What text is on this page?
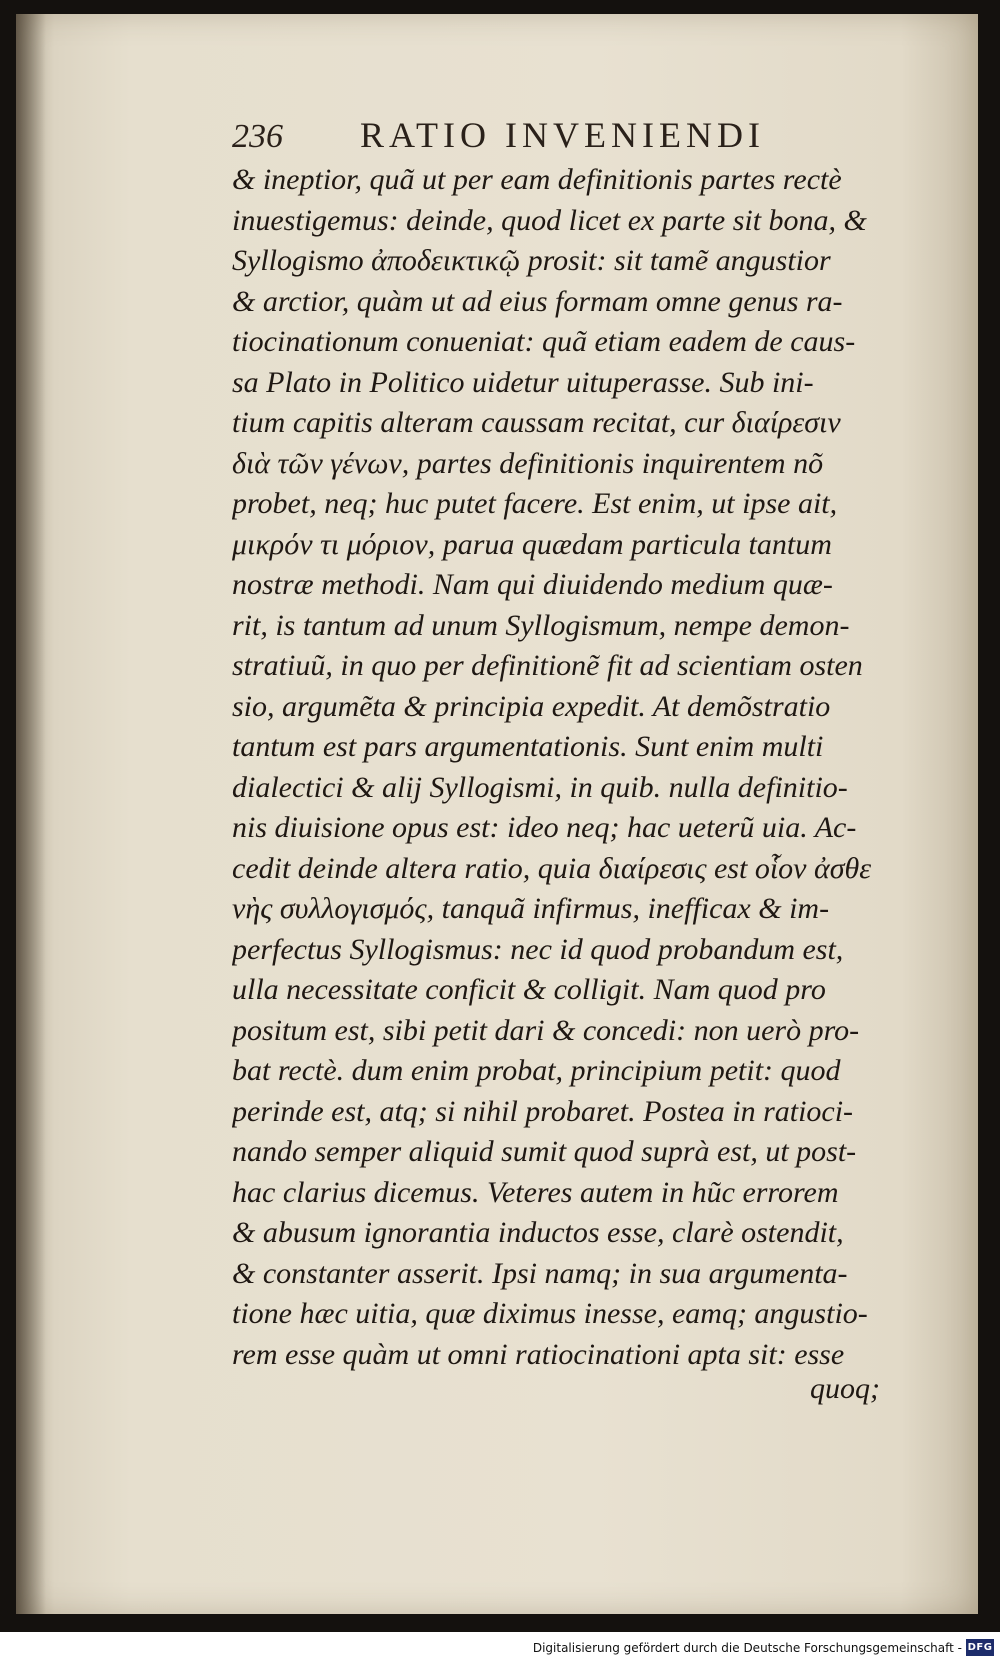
236 RATIO INVENIENDI
& ineptior, quã ut per eam definitionis partes rectè
inuestigemus: deinde, quod licet ex parte sit bona, &
Syllogismo ἀποδεικτικῷ prosit: sit tamẽ angustior
& arctior, quàm ut ad eius formam omne genus ra-
tiocinationum conueniat: quã etiam eadem de caus-
sa Plato in Politico uidetur uituperasse. Sub ini-
tium capitis alteram caussam recitat, cur διαίρεσιν
διὰ τῶν γένων, partes definitionis inquirentem nõ
probet, neq; huc putet facere. Est enim, ut ipse ait,
μικρόν τι μόριον, parua quædam particula tantum
nostræ methodi. Nam qui diuidendo medium quæ-
rit, is tantum ad unum Syllogismum, nempe demon-
stratiuũ, in quo per definitionẽ fit ad scientiam osten
sio, argumẽta & principia expedit. At demõstratio
tantum est pars argumentationis. Sunt enim multi
dialectici & alij Syllogismi, in quib. nulla definitio-
nis diuisione opus est: ideo neq; hac ueterũ uia. Ac-
cedit deinde altera ratio, quia διαίρεσις est οἷον ἀσθε
νὴς συλλογισμός, tanquã infirmus, inefficax & im-
perfectus Syllogismus: nec id quod probandum est,
ulla necessitate conficit & colligit. Nam quod pro
positum est, sibi petit dari & concedi: non uerò pro-
bat rectè. dum enim probat, principium petit: quod
perinde est, atq; si nihil probaret. Postea in ratioci-
nando semper aliquid sumit quod suprà est, ut post-
hac clarius dicemus. Veteres autem in hũc errorem
& abusum ignorantia inductos esse, clarè ostendit,
& constanter asserit. Ipsi namq; in sua argumenta-
tione hæc uitia, quæ diximus inesse, eamq; angustio-
rem esse quàm ut omni ratiocinationi apta sit: esse
quoq;
Digitalisierung gefördert durch die Deutsche Forschungsgemeinschaft - DFG
